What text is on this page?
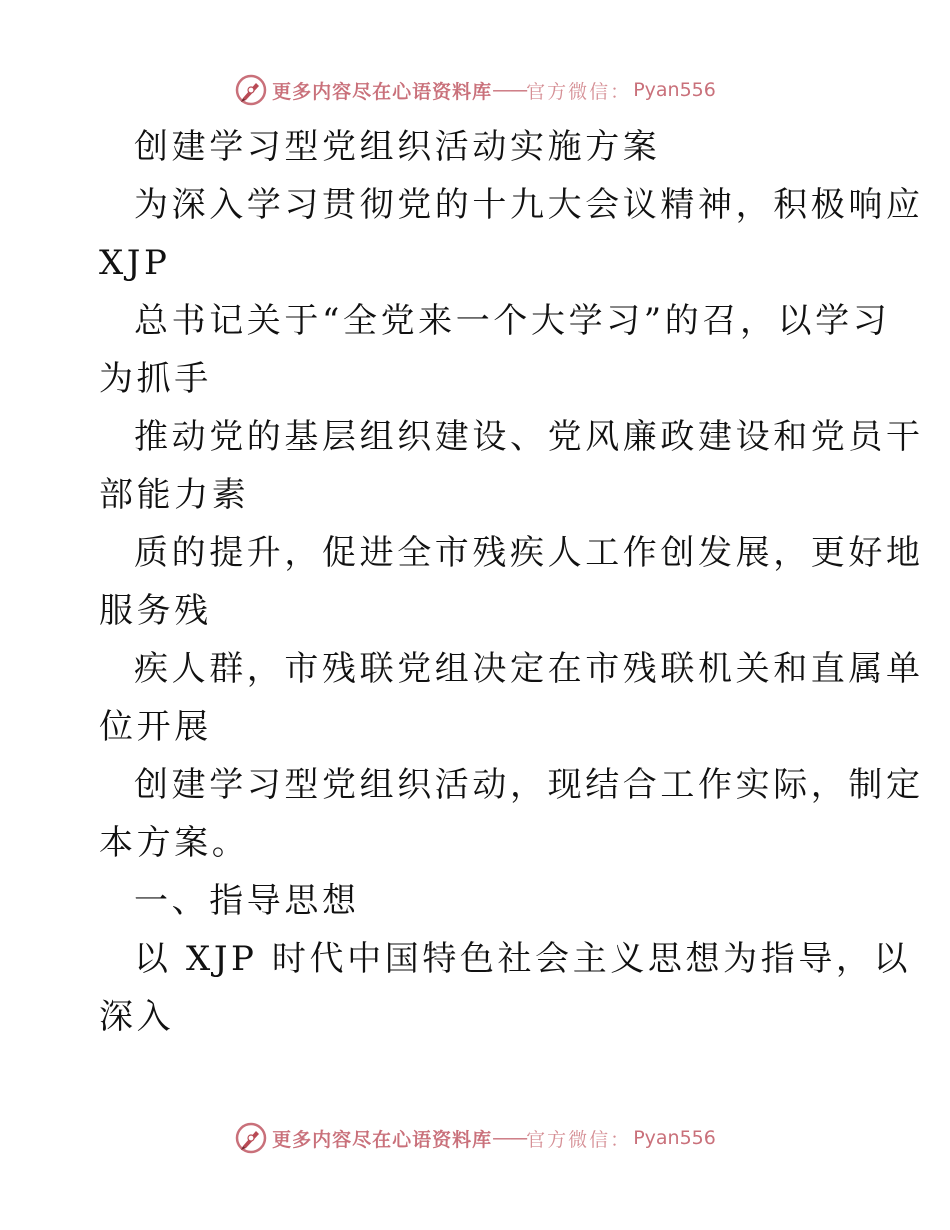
更多内容尽在心语资料库 —— 官方微信： Pyan556
创建学习型党组织活动实施方案
为深入学习贯彻党的十九大会议精神，积极响应
XJP
总书记关于“全党来一个大学习”的召，以学习
为抓手
推动党的基层组织建设、党风廉政建设和党员干
部能力素
质的提升，促进全市残疾人工作创发展，更好地
服务残
疾人群，市残联党组决定在市残联机关和直属单
位开展
创建学习型党组织活动，现结合工作实际，制定
本方案。
一、指导思想
以 XJP 时代中国特色社会主义思想为指导，以
深入
更多内容尽在心语资料库 —— 官方微信： Pyan556
